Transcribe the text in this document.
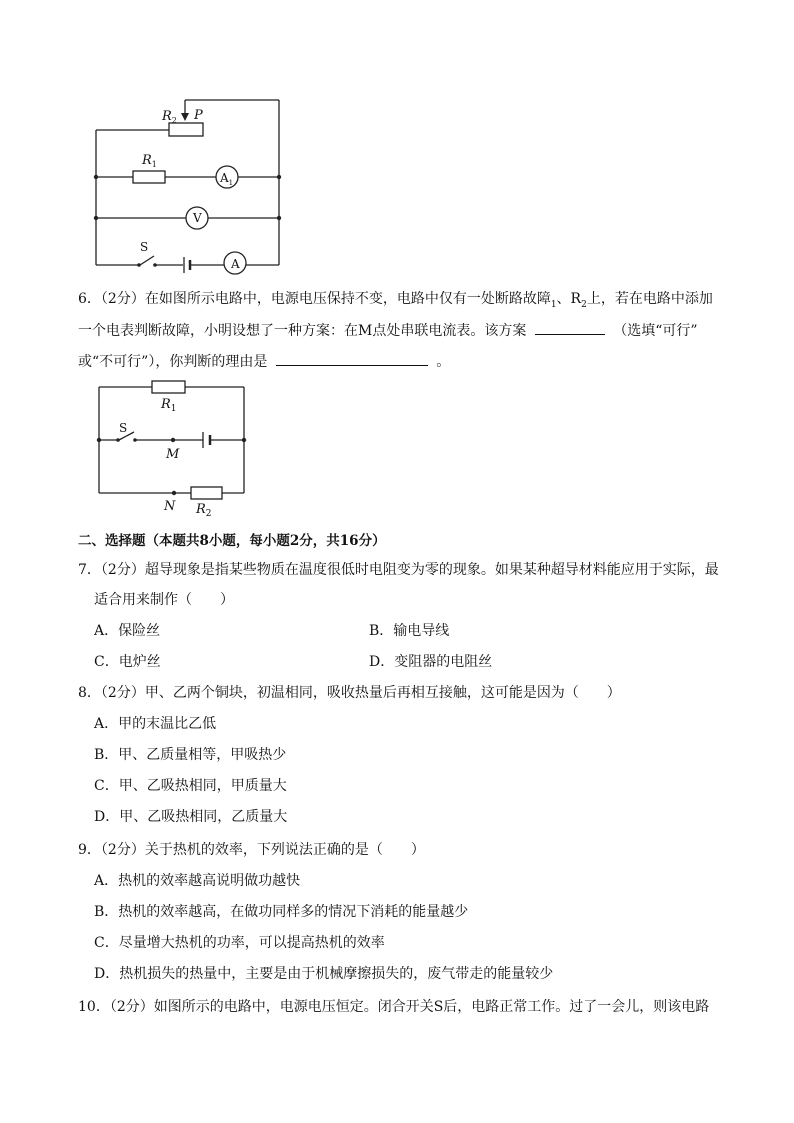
$R_2$ P
$R_1$
$A_1$
V
S
A
6．（2分）在如图所示电路中，电源电压保持不变，电路中仅有一处断路故障$_1$、$R_2$上，若在电路中添加
一个电表判断故障，小明设想了一种方案：在M点处串联电流表。该方案	（选填“可行”
或“不可行”），你判断的理由是	。
$R_1$
M
N $R_2$
S
二、选择题（本题共8小题，每小题2分，共16分）
7．（2分）超导现象是指某些物质在温度很低时电阻变为零的现象。如果某种超导材料能应用于实际，最
适合用来制作（　　）
A．保险丝	B．输电导线
C．电炉丝	D．变阻器的电阻丝
8．（2分）甲、乙两个铜块，初温相同，吸收热量后再相互接触，这可能是因为（　　）
A．甲的末温比乙低
B．甲、乙质量相等，甲吸热少
C．甲、乙吸热相同，甲质量大
D．甲、乙吸热相同，乙质量大
9．（2分）关于热机的效率，下列说法正确的是（　　）
A．热机的效率越高说明做功越快
B．热机的效率越高，在做功同样多的情况下消耗的能量越少
C．尽量增大热机的功率，可以提高热机的效率
D．热机损失的热量中，主要是由于机械摩擦损失的，废气带走的能量较少
10．（2分）如图所示的电路中，电源电压恒定。闭合开关S后，电路正常工作。过了一会儿，则该电路
